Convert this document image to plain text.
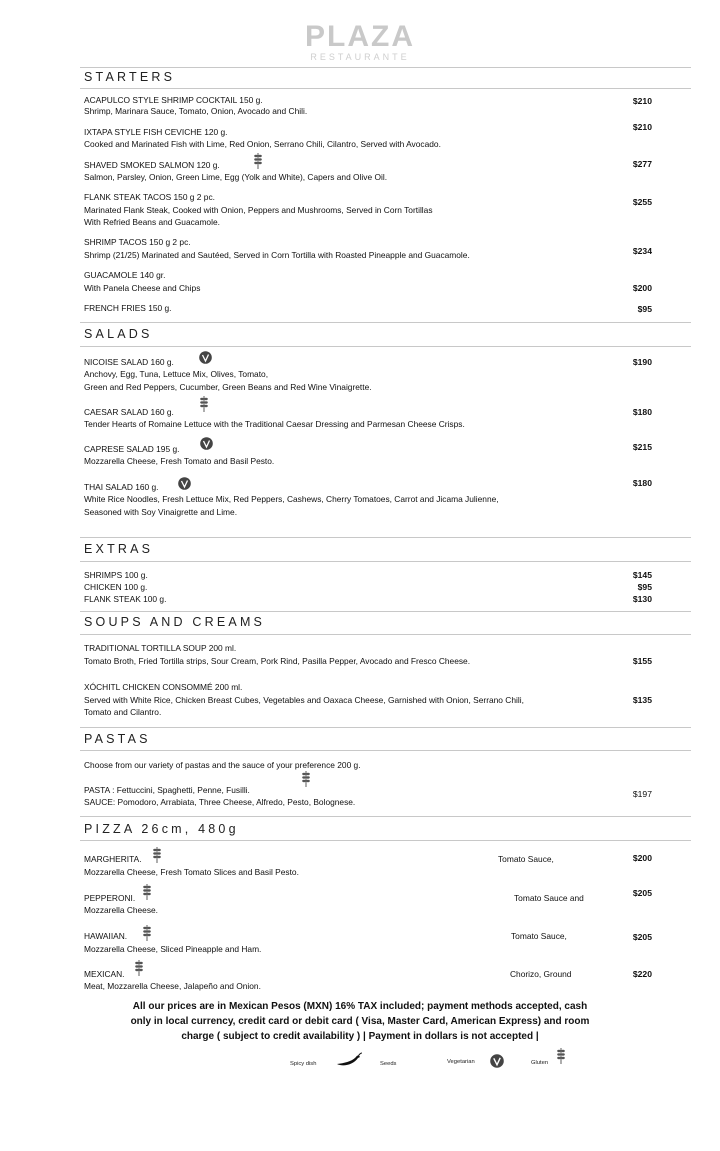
PLAZA
RESTAURANTE
STARTERS
ACAPULCO STYLE SHRIMP COCKTAIL 150 g.
Shrimp, Marinara Sauce, Tomato, Onion, Avocado and Chili.
$210
IXTAPA STYLE FISH CEVICHE 120 g.
Cooked and Marinated Fish with Lime, Red Onion, Serrano Chili, Cilantro, Served with Avocado.
$210
SHAVED SMOKED SALMON 120 g.
Salmon, Parsley, Onion, Green Lime, Egg (Yolk and White), Capers and Olive Oil.
$277
FLANK STEAK TACOS 150 g 2 pc.
Marinated Flank Steak, Cooked with Onion, Peppers and Mushrooms, Served in Corn Tortillas
With Refried Beans and Guacamole.
$255
SHRIMP TACOS 150 g 2 pc.
Shrimp (21/25) Marinated and Sautéed, Served in Corn Tortilla with Roasted Pineapple and Guacamole.	$234
GUACAMOLE 140 gr.
With Panela Cheese and Chips	$200
FRENCH FRIES 150 g.	$95
SALADS
NICOISE SALAD 160 g.
Anchovy, Egg, Tuna, Lettuce Mix, Olives, Tomato,
Green and Red Peppers, Cucumber, Green Beans and Red Wine Vinaigrette.
$190
CAESAR SALAD 160 g.
Tender Hearts of Romaine Lettuce with the Traditional Caesar Dressing and Parmesan Cheese Crisps.
$180
CAPRESE SALAD 195 g.
Mozzarella Cheese, Fresh Tomato and Basil Pesto.
$215
THAI SALAD 160 g.
White Rice Noodles, Fresh Lettuce Mix, Red Peppers, Cashews, Cherry Tomatoes, Carrot and Jicama Julienne,
Seasoned with Soy Vinaigrette and Lime.
$180
EXTRAS
SHRIMPS 100 g.	$145
CHICKEN 100 g.	$95
FLANK STEAK 100 g.	$130
SOUPS AND CREAMS
TRADITIONAL TORTILLA SOUP 200 ml.
Tomato Broth, Fried Tortilla strips, Sour Cream, Pork Rind, Pasilla Pepper, Avocado and Fresco Cheese.	$155
XÓCHITL CHICKEN CONSOMMÉ 200 ml.
Served with White Rice, Chicken Breast Cubes, Vegetables and Oaxaca Cheese, Garnished with Onion, Serrano Chili,
Tomato and Cilantro.
$135
PASTAS
Choose from our variety of pastas and the sauce of your preference 200 g.
PASTA : Fettuccini, Spaghetti, Penne, Fusilli.
SAUCE: Pomodoro, Arrabiata, Three Cheese, Alfredo, Pesto, Bolognese.
$197
PIZZA 26cm, 480g
MARGHERITA.	Tomato Sauce,
Mozzarella Cheese, Fresh Tomato Slices and Basil Pesto.
$200
PEPPERONI.	Tomato Sauce and
Mozzarella Cheese.
$205
HAWAIIAN.	Tomato Sauce,
Mozzarella Cheese, Sliced Pineapple and Ham.
$205
MEXICAN.	Chorizo, Ground
Meat, Mozzarella Cheese, Jalapeño and Onion.
$220
All our prices are in Mexican Pesos (MXN) 16% TAX included; payment methods accepted, cash
only in local currency, credit card or debit card ( Visa, Master Card, American Express) and room
charge ( subject to credit availability ) | Payment in dollars is not accepted |
Spicy dish	Seeds	Vegetarian	Gluten
